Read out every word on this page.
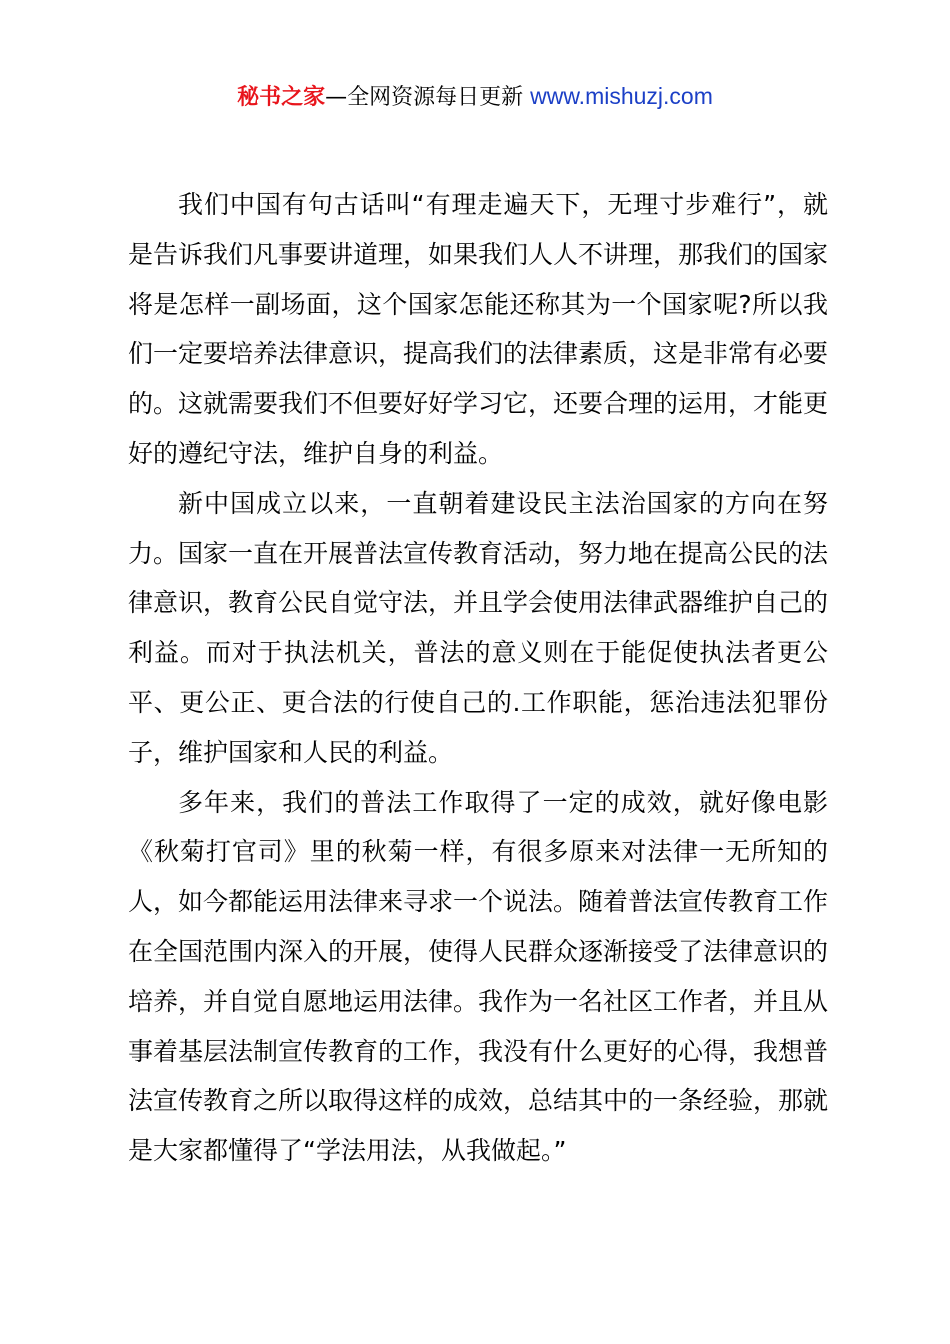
秘书之家—全网资源每日更新 www.mishuzj.com

我们中国有句古话叫“有理走遍天下，无理寸步难行”，就是告诉我们凡事要讲道理，如果我们人人不讲理，那我们的国家将是怎样一副场面，这个国家怎能还称其为一个国家呢?所以我们一定要培养法律意识，提高我们的法律素质，这是非常有必要的。这就需要我们不但要好好学习它，还要合理的运用，才能更好的遵纪守法，维护自身的利益。

新中国成立以来，一直朝着建设民主法治国家的方向在努力。国家一直在开展普法宣传教育活动，努力地在提高公民的法律意识，教育公民自觉守法，并且学会使用法律武器维护自己的利益。而对于执法机关，普法的意义则在于能促使执法者更公平、更公正、更合法的行使自己的.工作职能，惩治违法犯罪份子，维护国家和人民的利益。

多年来，我们的普法工作取得了一定的成效，就好像电影《秋菊打官司》里的秋菊一样，有很多原来对法律一无所知的人，如今都能运用法律来寻求一个说法。随着普法宣传教育工作在全国范围内深入的开展，使得人民群众逐渐接受了法律意识的培养，并自觉自愿地运用法律。我作为一名社区工作者，并且从事着基层法制宣传教育的工作，我没有什么更好的心得，我想普法宣传教育之所以取得这样的成效，总结其中的一条经验，那就是大家都懂得了“学法用法，从我做起。”
